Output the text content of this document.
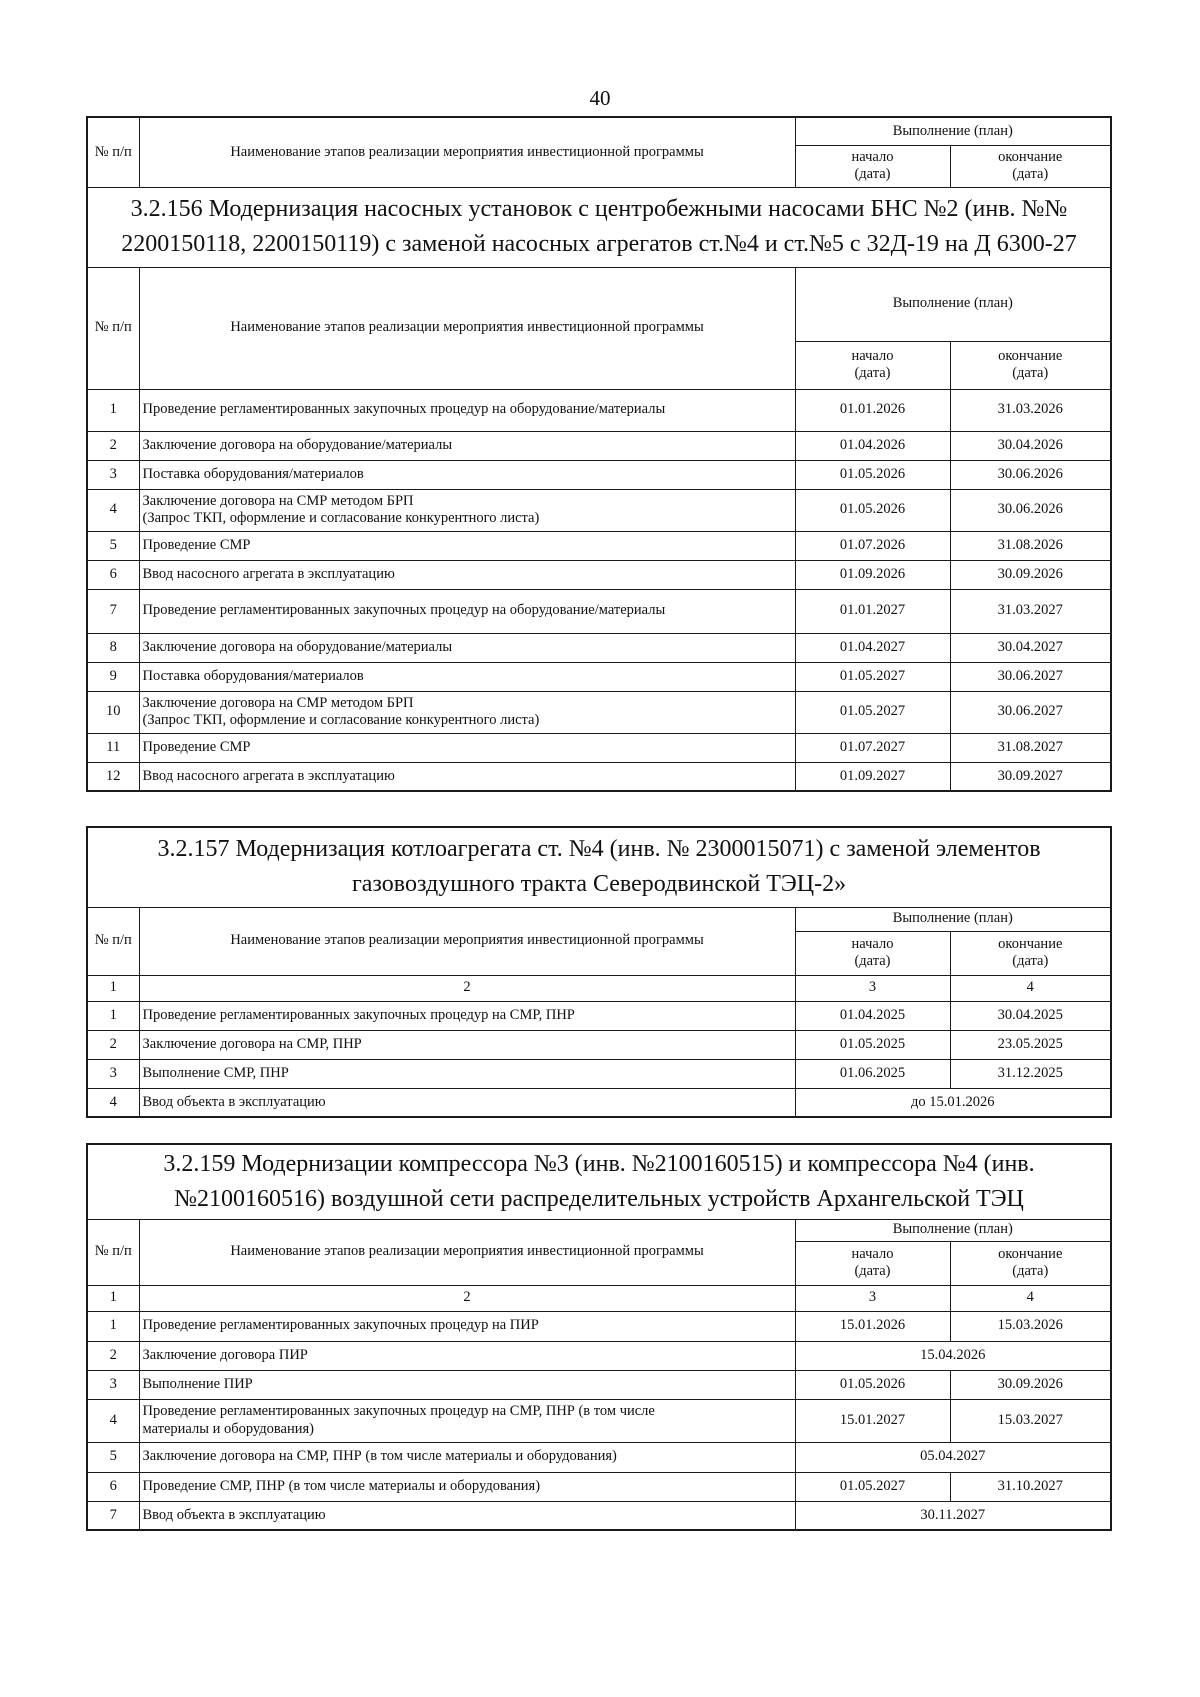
40
№ п/п	Наименование этапов реализации мероприятия инвестиционной программы	Выполнение (план)	
		начало
(дата)	окончание
(дата)
3.2.156 Модернизация насосных установок с центробежными насосами БНС №2 (инв. №№
2200150118, 2200150119) с заменой насосных агрегатов ст.№4 и ст.№5 с 32Д-19 на Д 6300-27			
№ п/п	Наименование этапов реализации мероприятия инвестиционной программы	Выполнение (план)	
		начало
(дата)	окончание
(дата)
1	Проведение регламентированных закупочных процедур на оборудование/материалы	01.01.2026	31.03.2026
2	Заключение договора на оборудование/материалы	01.04.2026	30.04.2026
3	Поставка оборудования/материалов	01.05.2026	30.06.2026
4	Заключение договора на СМР методом БРП
(Запрос ТКП, оформление и согласование конкурентного листа)	01.05.2026	30.06.2026
5	Проведение СМР	01.07.2026	31.08.2026
6	Ввод насосного агрегата в эксплуатацию	01.09.2026	30.09.2026
7	Проведение регламентированных закупочных процедур на оборудование/материалы	01.01.2027	31.03.2027
8	Заключение договора на оборудование/материалы	01.04.2027	30.04.2027
9	Поставка оборудования/материалов	01.05.2027	30.06.2027
10	Заключение договора на СМР методом БРП
(Запрос ТКП, оформление и согласование конкурентного листа)	01.05.2027	30.06.2027
11	Проведение СМР	01.07.2027	31.08.2027
12	Ввод насосного агрегата в эксплуатацию	01.09.2027	30.09.2027
3.2.157 Модернизация котлоагрегата ст. №4 (инв. № 2300015071) с заменой элементов
газовоздушного тракта Северодвинской ТЭЦ-2»			
№ п/п	Наименование этапов реализации мероприятия инвестиционной программы	Выполнение (план)	
		начало
(дата)	окончание
(дата)
1	2	3	4
1	Проведение регламентированных закупочных процедур на СМР, ПНР	01.04.2025	30.04.2025
2	Заключение договора на СМР, ПНР	01.05.2025	23.05.2025
3	Выполнение СМР, ПНР	01.06.2025	31.12.2025
4	Ввод объекта в эксплуатацию	до 15.01.2026	
3.2.159 Модернизации компрессора №3 (инв. №2100160515) и компрессора №4 (инв.
№2100160516) воздушной сети распределительных устройств Архангельской ТЭЦ			
№ п/п	Наименование этапов реализации мероприятия инвестиционной программы	Выполнение (план)	
		начало
(дата)	окончание
(дата)
1	2	3	4
1	Проведение регламентированных закупочных процедур на ПИР	15.01.2026	15.03.2026
2	Заключение договора ПИР	15.04.2026	
3	Выполнение ПИР	01.05.2026	30.09.2026
4	Проведение регламентированных закупочных процедур на СМР, ПНР (в том числе
материалы и оборудования)	15.01.2027	15.03.2027
5	Заключение договора на СМР, ПНР (в том числе материалы и оборудования)	05.04.2027	
6	Проведение СМР, ПНР (в том числе материалы и оборудования)	01.05.2027	31.10.2027
7	Ввод объекта в эксплуатацию	30.11.2027	
